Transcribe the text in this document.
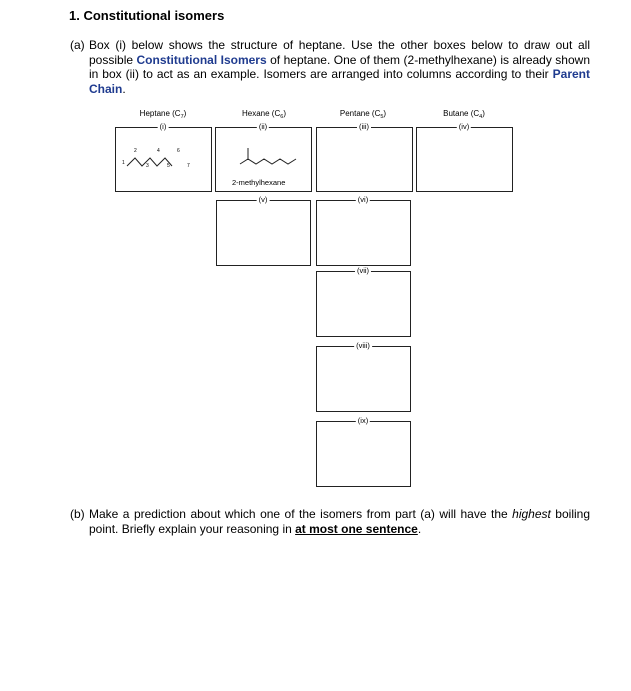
1. Constitutional isomers
(a) Box (i) below shows the structure of heptane. Use the other boxes below to draw out all possible Constitutional Isomers of heptane. One of them (2-methylhexane) is already shown in box (ii) to act as an example. Isomers are arranged into columns according to their Parent Chain.
Heptane $(C_7)$	Hexane $(C_6)$	Pentane $(C_5)$	Butane $(C_4)$
1
2
3
4
5
6
7
2-methylhexane
(i)	(ii)	(iii)	(iv)
(v)	(vi)
(vii)
(viii)
(ix)
(b) Make a prediction about which one of the isomers from part (a) will have the highest boiling point. Briefly explain your reasoning in at most one sentence.
